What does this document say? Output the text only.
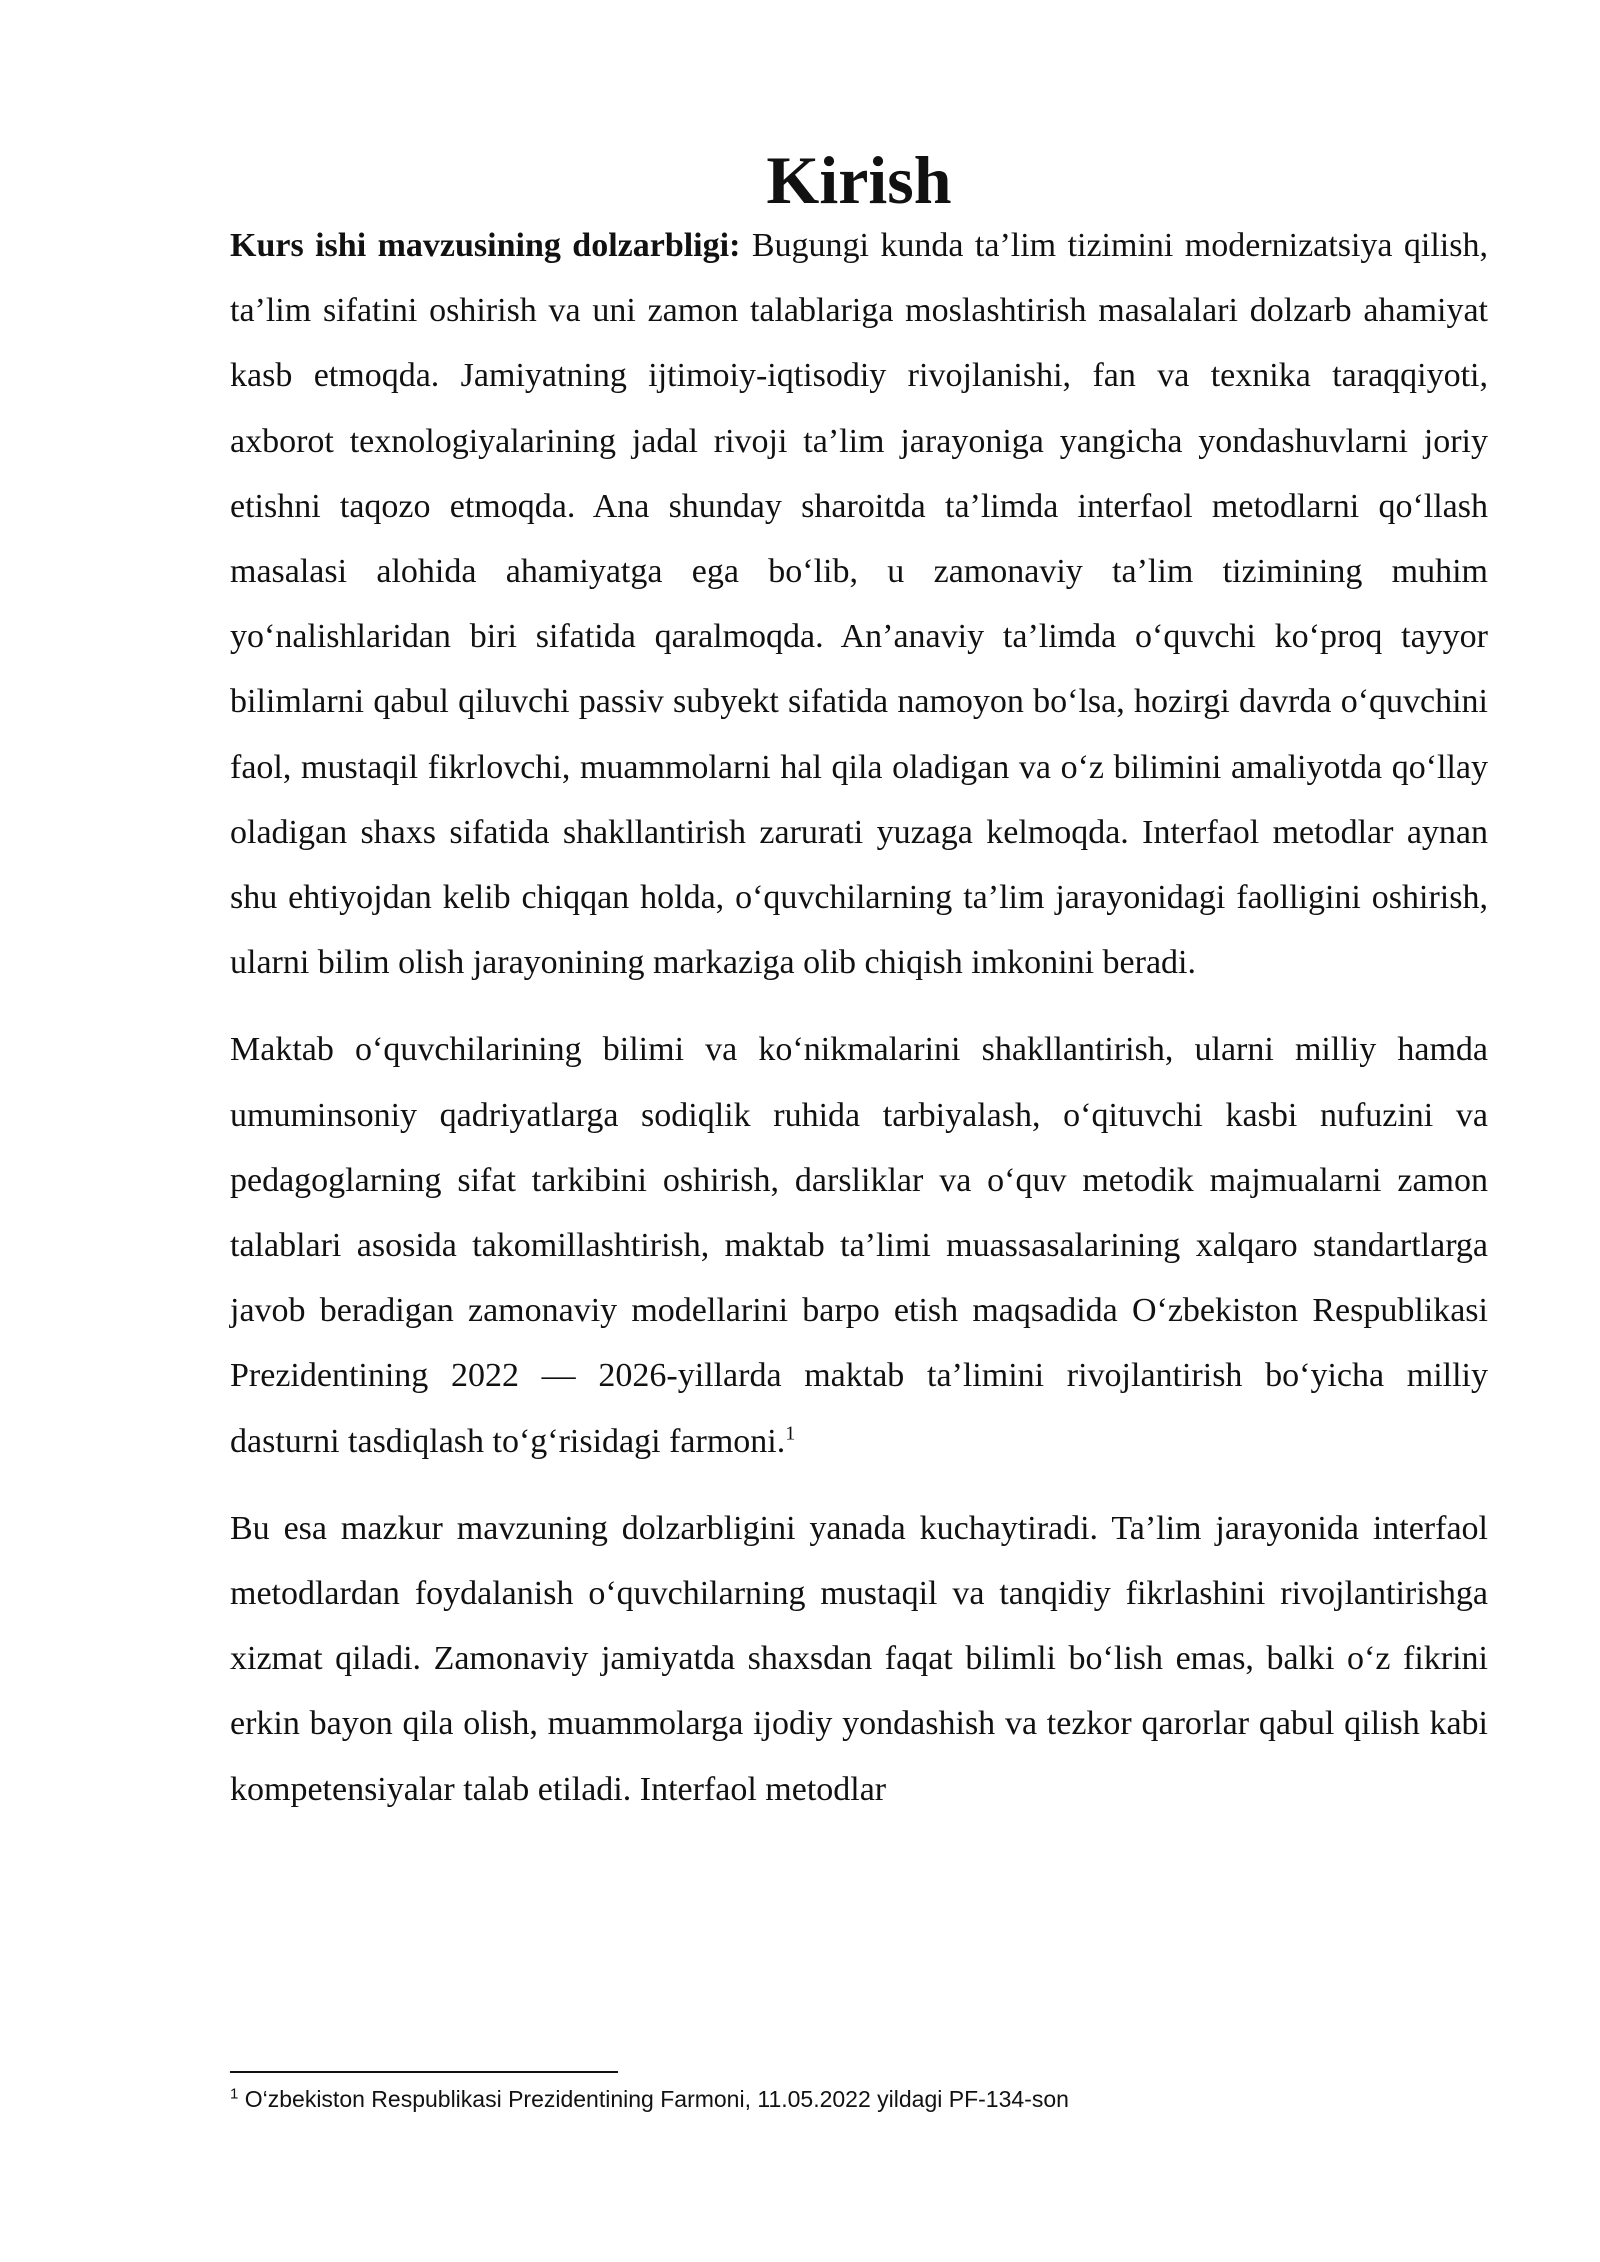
Kirish

Kurs ishi mavzusining dolzarbligi: Bugungi kunda ta’lim tizimini modernizatsiya qilish, ta’lim sifatini oshirish va uni zamon talablariga moslashtirish masalalari dolzarb ahamiyat kasb etmoqda. Jamiyatning ijtimoiy-iqtisodiy rivojlanishi, fan va texnika taraqqiyoti, axborot texnologiyalarining jadal rivoji ta’lim jarayoniga yangicha yondashuvlarni joriy etishni taqozo etmoqda. Ana shunday sharoitda ta’limda interfaol metodlarni qo‘llash masalasi alohida ahamiyatga ega bo‘lib, u zamonaviy ta’lim tizimining muhim yo‘nalishlaridan biri sifatida qaralmoqda. An’anaviy ta’limda o‘quvchi ko‘proq tayyor bilimlarni qabul qiluvchi passiv subyekt sifatida namoyon bo‘lsa, hozirgi davrda o‘quvchini faol, mustaqil fikrlovchi, muammolarni hal qila oladigan va o‘z bilimini amaliyotda qo‘llay oladigan shaxs sifatida shakllantirish zarurati yuzaga kelmoqda. Interfaol metodlar aynan shu ehtiyojdan kelib chiqqan holda, o‘quvchilarning ta’lim jarayonidagi faolligini oshirish, ularni bilim olish jarayonining markaziga olib chiqish imkonini beradi.

Maktab o‘quvchilarining bilimi va ko‘nikmalarini shakllantirish, ularni milliy hamda umuminsoniy qadriyatlarga sodiqlik ruhida tarbiyalash, o‘qituvchi kasbi nufuzini va pedagoglarning sifat tarkibini oshirish, darsliklar va o‘quv metodik majmualarni zamon talablari asosida takomillashtirish, maktab ta’limi muassasalarining xalqaro standartlarga javob beradigan zamonaviy modellarini barpo etish maqsadida O‘zbekiston Respublikasi Prezidentining 2022 — 2026-yillarda maktab ta’limini rivojlantirish bo‘yicha milliy dasturni tasdiqlash to‘g‘risidagi farmoni.$^1$

Bu esa mazkur mavzuning dolzarbligini yanada kuchaytiradi. Ta’lim jarayonida interfaol metodlardan foydalanish o‘quvchilarning mustaqil va tanqidiy fikrlashini rivojlantirishga xizmat qiladi. Zamonaviy jamiyatda shaxsdan faqat bilimli bo‘lish emas, balki o‘z fikrini erkin bayon qila olish, muammolarga ijodiy yondashish va tezkor qarorlar qabul qilish kabi kompetensiyalar talab etiladi. Interfaol metodlar

$^1$ O‘zbekiston Respublikasi Prezidentining Farmoni, 11.05.2022 yildagi PF-134-son
